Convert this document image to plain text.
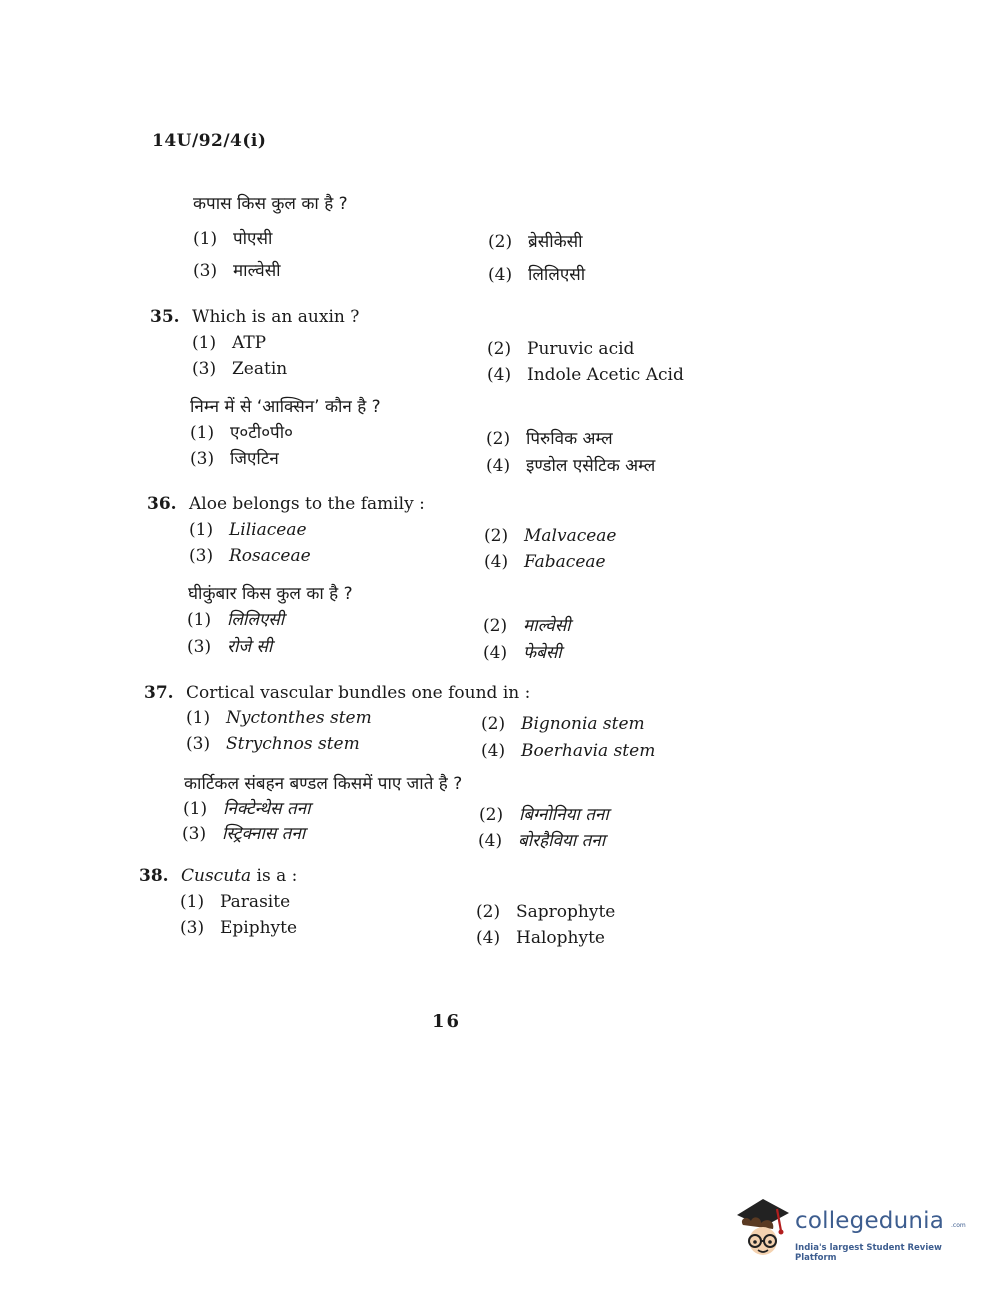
14U/92/4(i)
कपास किस कुल का है ?
(1) पोएसी	(2) ब्रेसीकेसी
(3) माल्वेसी	(4) लिलिएसी
35. Which is an auxin ?
(1) ATP	(2) Puruvic acid
(3) Zeatin	(4) Indole Acetic Acid
निम्न में से ‘आक्सिन’ कौन है ?
(1) ए०टी०पी०	(2) पिरुविक अम्ल
(3) जिएटिन	(4) इण्डोल एसेटिक अम्ल
36. Aloe belongs to the family :
(1) Liliaceae	(2) Malvaceae
(3) Rosaceae	(4) Fabaceae
घीकुंबार किस कुल का है ?
(1) लिलिएसी	(2) माल्वेसी
(3) रोजे सी	(4) फेबेसी
37. Cortical vascular bundles one found in :
(1) Nyctonthes stem	(2) Bignonia stem
(3) Strychnos stem	(4) Boerhavia stem
कार्टिकल संबहन बण्डल किसमें पाए जाते है ?
(1) निक्टेन्थेस तना	(2) बिग्नोनिया तना
(3) स्ट्रिक्नास तना	(4) बोरहैविया तना
38. Cuscuta is a :
(1) Parasite	(2) Saprophyte
(3) Epiphyte	(4) Halophyte
16
collegedunia .com
India's largest Student Review Platform
